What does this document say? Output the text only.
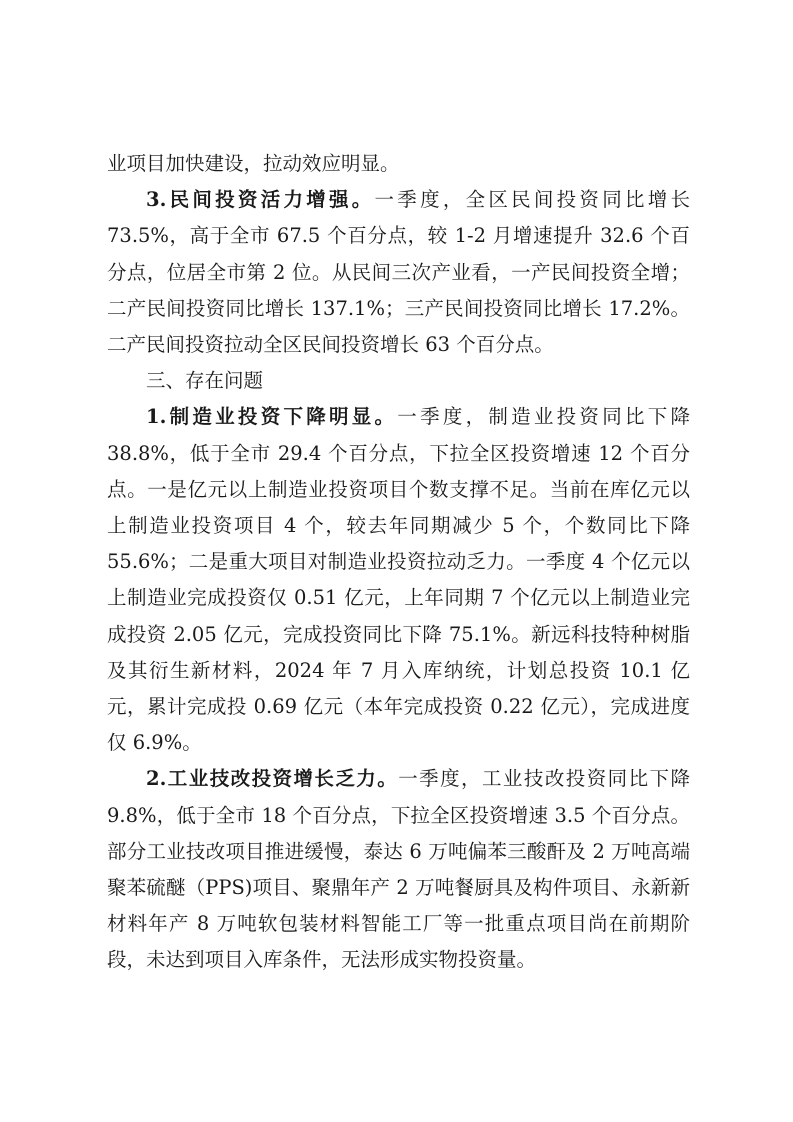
业项目加快建设，拉动效应明显。

3.民间投资活力增强。一季度，全区民间投资同比增长 73.5%，高于全市 67.5 个百分点，较 1-2 月增速提升 32.6 个百分点，位居全市第 2 位。从民间三次产业看，一产民间投资全增；二产民间投资同比增长 137.1%；三产民间投资同比增长 17.2%。二产民间投资拉动全区民间投资增长 63 个百分点。

三、存在问题

1.制造业投资下降明显。一季度，制造业投资同比下降 38.8%，低于全市 29.4 个百分点，下拉全区投资增速 12 个百分点。一是亿元以上制造业投资项目个数支撑不足。当前在库亿元以上制造业投资项目 4 个，较去年同期减少 5 个，个数同比下降 55.6%；二是重大项目对制造业投资拉动乏力。一季度 4 个亿元以上制造业完成投资仅 0.51 亿元，上年同期 7 个亿元以上制造业完成投资 2.05 亿元，完成投资同比下降 75.1%。新远科技特种树脂及其衍生新材料，2024 年 7 月入库纳统，计划总投资 10.1 亿元，累计完成投 0.69 亿元（本年完成投资 0.22 亿元），完成进度仅 6.9%。

2.工业技改投资增长乏力。一季度，工业技改投资同比下降 9.8%，低于全市 18 个百分点，下拉全区投资增速 3.5 个百分点。部分工业技改项目推进缓慢，泰达 6 万吨偏苯三酸酐及 2 万吨高端聚苯硫醚（PPS)项目、聚鼎年产 2 万吨餐厨具及构件项目、永新新材料年产 8 万吨软包装材料智能工厂等一批重点项目尚在前期阶段，未达到项目入库条件，无法形成实物投资量。
